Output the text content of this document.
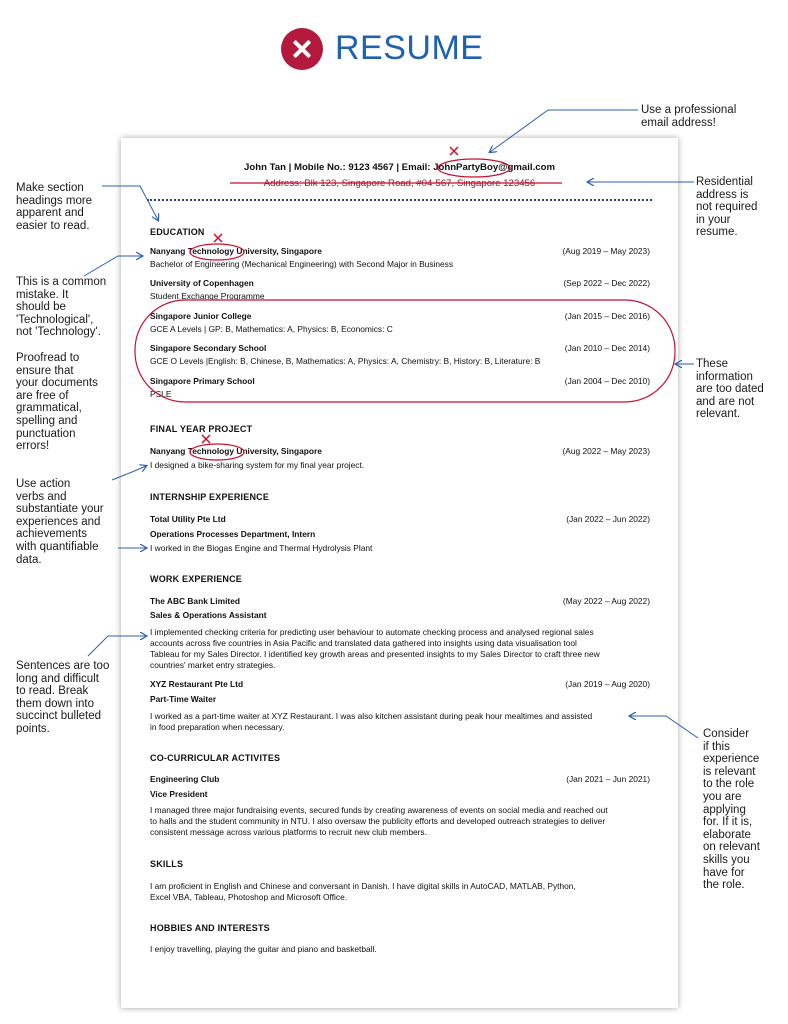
RESUME
John Tan | Mobile No.: 9123 4567 | Email: JohnPartyBoy@gmail.com
Address: Blk 123, Singapore Road, #04-567, Singapore 123456
EDUCATION
Nanyang Technology University, Singapore	(Aug 2019 – May 2023)
Bachelor of Engineering (Mechanical Engineering) with Second Major in Business
University of Copenhagen	(Sep 2022 – Dec 2022)
Student Exchange Programme
Singapore Junior College	(Jan 2015 – Dec 2016)
GCE A Levels | GP: B, Mathematics: A, Physics: B, Economics: C
Singapore Secondary School	(Jan 2010 – Dec 2014)
GCE O Levels |English: B, Chinese, B, Mathematics: A, Physics: A, Chemistry: B, History: B, Literature: B
Singapore Primary School	(Jan 2004 – Dec 2010)
PSLE
FINAL YEAR PROJECT
Nanyang Technology University, Singapore	(Aug 2022 – May 2023)
I designed a bike-sharing system for my final year project.
INTERNSHIP EXPERIENCE
Total Utility Pte Ltd	(Jan 2022 – Jun 2022)
Operations Processes Department, Intern
I worked in the Biogas Engine and Thermal Hydrolysis Plant
WORK EXPERIENCE
The ABC Bank Limited	(May 2022 – Aug 2022)
Sales & Operations Assistant
I implemented checking criteria for predicting user behaviour to automate checking process and analysed regional sales
accounts across five countries in Asia Pacific and translated data gathered into insights using data visualisation tool
Tableau for my Sales Director. I identified key growth areas and presented insights to my Sales Director to craft three new
countries' market entry strategies.
XYZ Restaurant Pte Ltd	(Jan 2019 – Aug 2020)
Part-Time Waiter
I worked as a part-time waiter at XYZ Restaurant. I was also kitchen assistant during peak hour mealtimes and assisted
in food preparation when necessary.
CO-CURRICULAR ACTIVITES
Engineering Club	(Jan 2021 – Jun 2021)
Vice President
I managed three major fundraising events, secured funds by creating awareness of events on social media and reached out
to halls and the student community in NTU. I also oversaw the publicity efforts and developed outreach strategies to deliver
consistent message across various platforms to recruit new club members.
SKILLS
I am proficient in English and Chinese and conversant in Danish. I have digital skills in AutoCAD, MATLAB, Python,
Excel VBA, Tableau, Photoshop and Microsoft Office.
HOBBIES AND INTERESTS
I enjoy travelling, playing the guitar and piano and basketball.
Use a professional
email address!
Make section
headings more
apparent and
easier to read.
Residential
address is
not required
in your
resume.
This is a common
mistake. It
should be
'Technological',
not 'Technology'.
Proofread to
ensure that
your documents
are free of
grammatical,
spelling and
punctuation
errors!
These
information
are too dated
and are not
relevant.
Use action
verbs and
substantiate your
experiences and
achievements
with quantifiable
data.
Sentences are too
long and difficult
to read. Break
them down into
succinct bulleted
points.	Consider
if this
experience
is relevant
to the role
you are
applying
for. If it is,
elaborate
on relevant
skills you
have for
the role.
